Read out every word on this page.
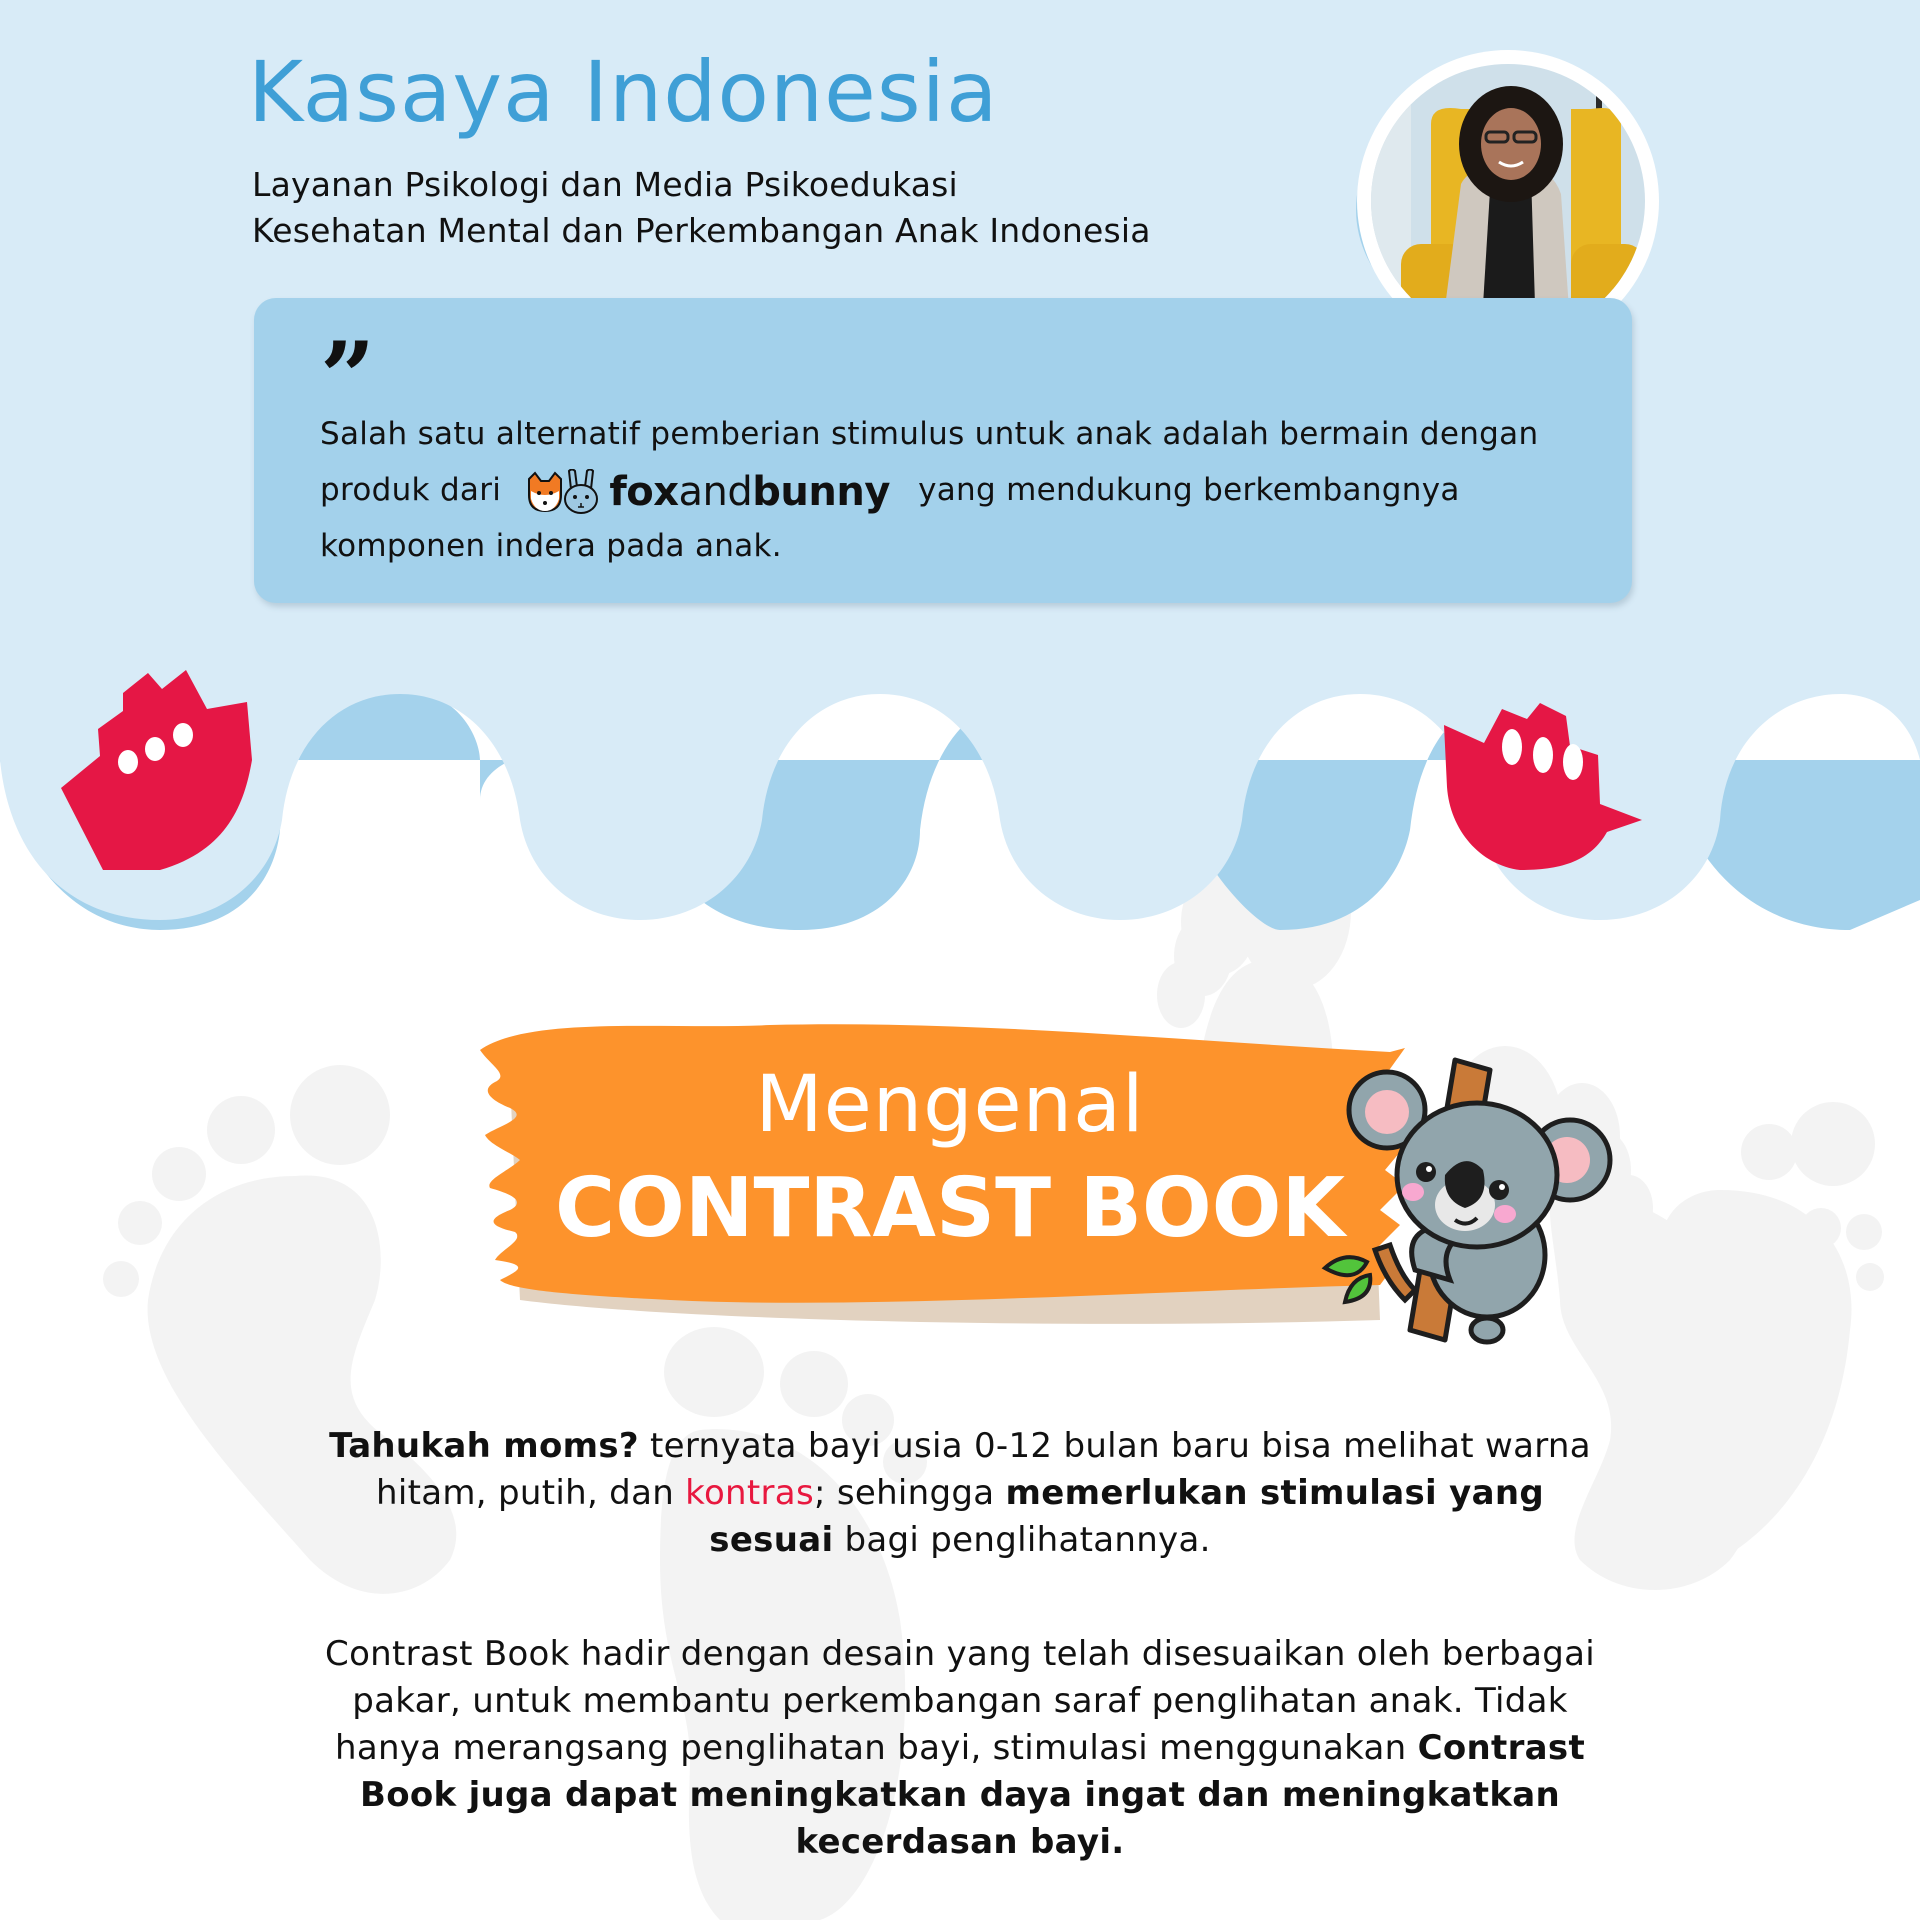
Kasaya Indonesia
Layanan Psikologi dan Media Psikoedukasi
Kesehatan Mental dan Perkembangan Anak Indonesia
”
Salah satu alternatif pemberian stimulus untuk anak adalah bermain dengan produk dari	foxandbunny yang mendukung berkembangnya komponen indera pada anak.
Mengenal
CONTRAST BOOK
Tahukah moms? ternyata bayi usia 0-12 bulan baru bisa melihat warna hitam, putih, dan kontras; sehingga memerlukan stimulasi yang sesuai bagi penglihatannya.
Contrast Book hadir dengan desain yang telah disesuaikan oleh berbagai pakar, untuk membantu perkembangan saraf penglihatan anak. Tidak hanya merangsang penglihatan bayi, stimulasi menggunakan Contrast Book juga dapat meningkatkan daya ingat dan meningkatkan kecerdasan bayi.
